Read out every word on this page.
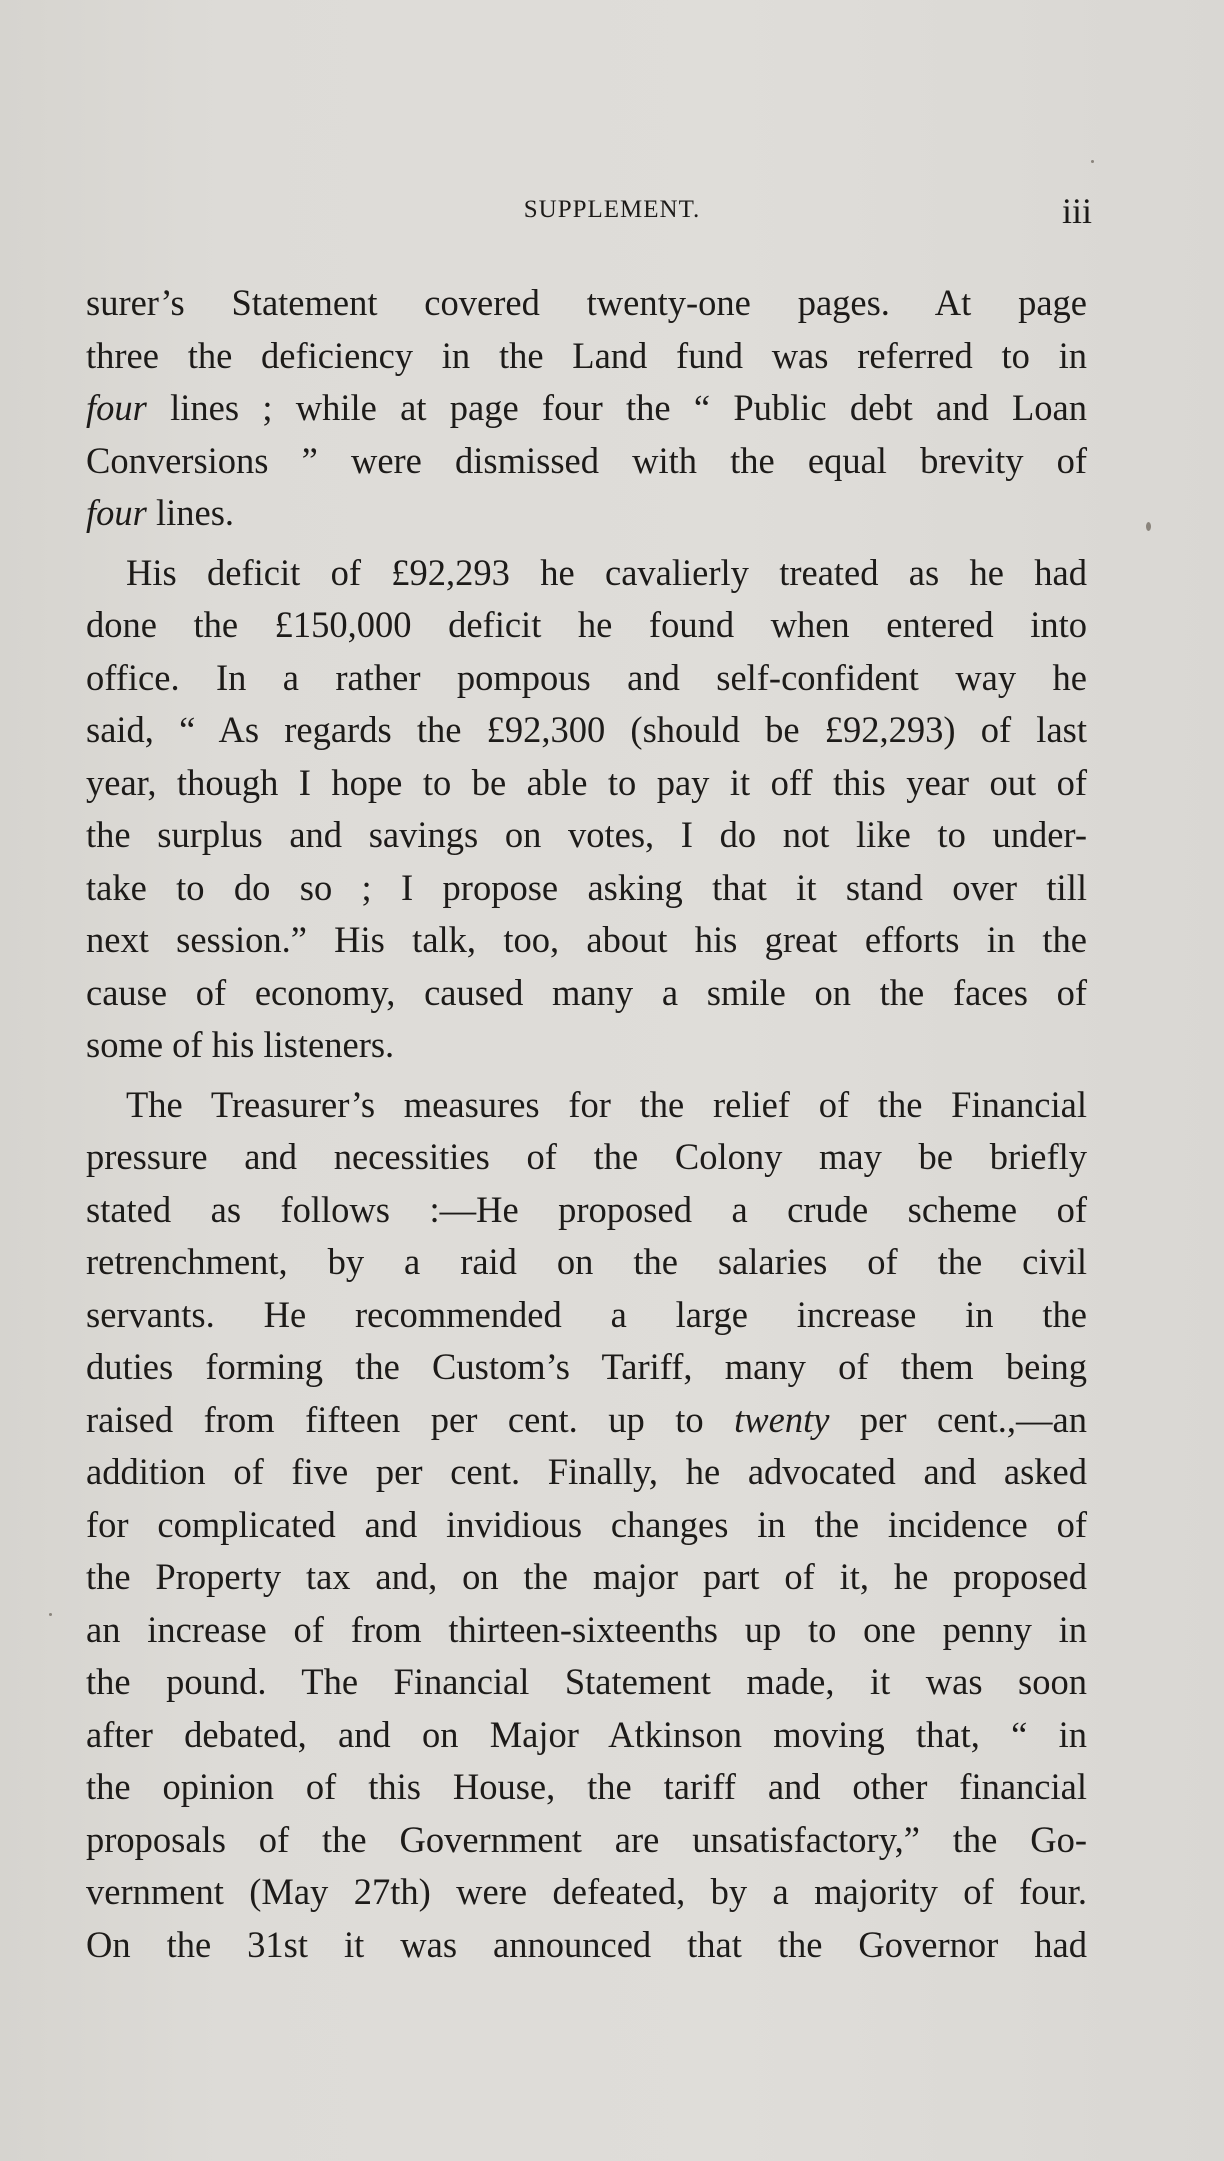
SUPPLEMENT.	iii
surer’s Statement covered twenty-one pages. At page
three the deficiency in the Land fund was referred to in
four lines ; while at page four the “ Public debt and Loan
Conversions ” were dismissed with the equal brevity of
four lines.
His deficit of £92,293 he cavalierly treated as he had
done the £150,000 deficit he found when entered into
office. In a rather pompous and self-confident way he
said, “ As regards the £92,300 (should be £92,293) of last
year, though I hope to be able to pay it off this year out of
the surplus and savings on votes, I do not like to under-
take to do so ; I propose asking that it stand over till
next session.” His talk, too, about his great efforts in the
cause of economy, caused many a smile on the faces of
some of his listeners.
The Treasurer’s measures for the relief of the Financial
pressure and necessities of the Colony may be briefly
stated as follows :—He proposed a crude scheme of
retrenchment, by a raid on the salaries of the civil
servants. He recommended a large increase in the
duties forming the Custom’s Tariff, many of them being
raised from fifteen per cent. up to twenty per cent.,—an
addition of five per cent. Finally, he advocated and asked
for complicated and invidious changes in the incidence of
the Property tax and, on the major part of it, he proposed
an increase of from thirteen-sixteenths up to one penny in
the pound. The Financial Statement made, it was soon
after debated, and on Major Atkinson moving that, “ in
the opinion of this House, the tariff and other financial
proposals of the Government are unsatisfactory,” the Go-
vernment (May 27th) were defeated, by a majority of four.
On the 31st it was announced that the Governor had
